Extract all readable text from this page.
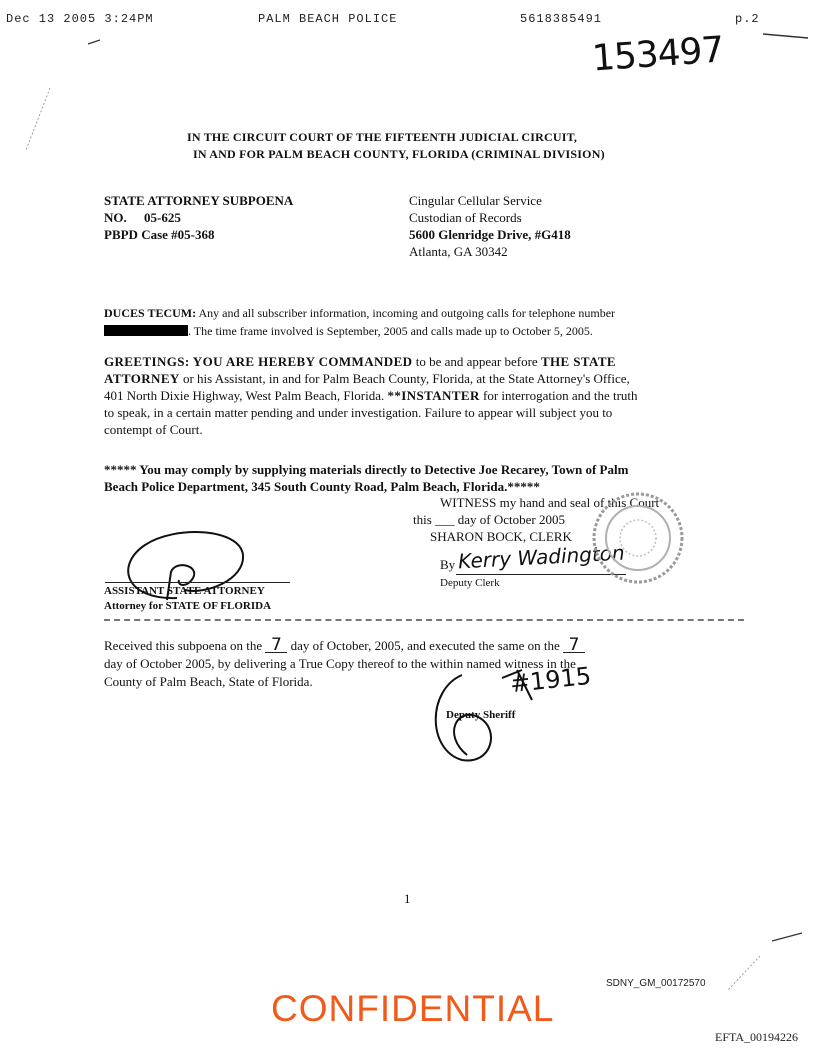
Dec 13 2005 3:24PM	PALM BEACH POLICE	5618385491	p.2
153497
IN THE CIRCUIT COURT OF THE FIFTEENTH JUDICIAL CIRCUIT,
IN AND FOR PALM BEACH COUNTY, FLORIDA (CRIMINAL DIVISION)
STATE ATTORNEY SUBPOENA
NO. 05-625
PBPD Case #05-368
Cingular Cellular Service
Custodian of Records
5600 Glenridge Drive, #G418
Atlanta, GA 30342
DUCES TECUM: Any and all subscriber information, incoming and outgoing calls for telephone number
. The time frame involved is September, 2005 and calls made up to October 5, 2005.
GREETINGS: YOU ARE HEREBY COMMANDED to be and appear before THE STATE
ATTORNEY or his Assistant, in and for Palm Beach County, Florida, at the State Attorney's Office,
401 North Dixie Highway, West Palm Beach, Florida. **INSTANTER for interrogation and the truth
to speak, in a certain matter pending and under investigation. Failure to appear will subject you to
contempt of Court.
***** You may comply by supplying materials directly to Detective Joe Recarey, Town of Palm
Beach Police Department, 345 South County Road, Palm Beach, Florida.*****
WITNESS my hand and seal of this Court
this ___ day of October 2005
SHARON BOCK, CLERK
By Kerry Wadington
Deputy Clerk
ASSISTANT STATE ATTORNEY
Attorney for STATE OF FLORIDA
Received this subpoena on the 7 day of October, 2005, and executed the same on the 7
day of October 2005, by delivering a True Copy thereof to the within named witness in the
County of Palm Beach, State of Florida.	#1915
Deputy Sheriff
1
SDNY_GM_00172570
CONFIDENTIAL
EFTA_00194226
